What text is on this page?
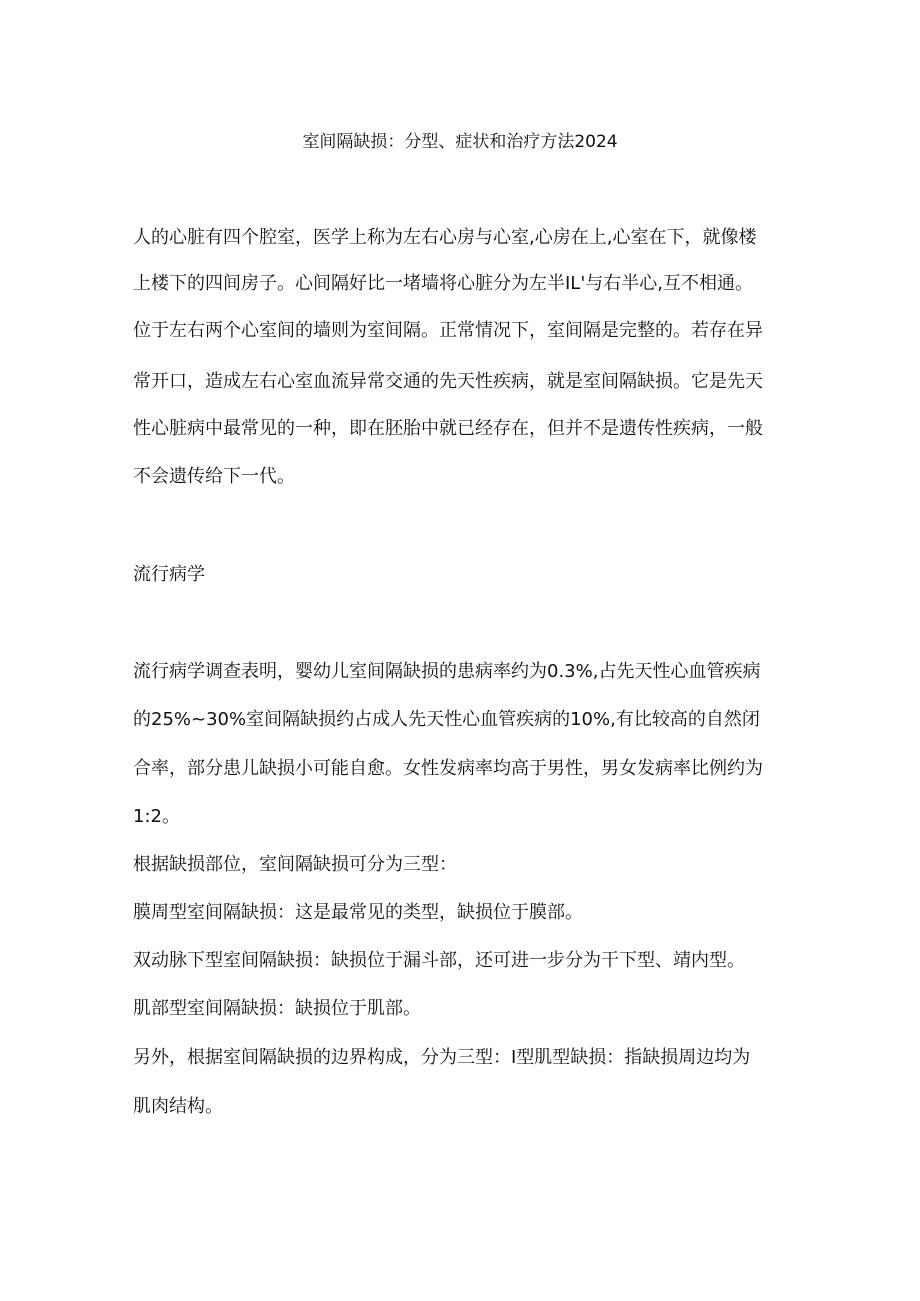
室间隔缺损：分型、症状和治疗方法2024
人的心脏有四个腔室，医学上称为左右心房与心室,心房在上,心室在下，就像楼
上楼下的四间房子。心间隔好比一堵墙将心脏分为左半IL'与右半心,互不相通。
位于左右两个心室间的墙则为室间隔。正常情况下，室间隔是完整的。若存在异
常开口，造成左右心室血流异常交通的先天性疾病，就是室间隔缺损。它是先天
性心脏病中最常见的一种，即在胚胎中就已经存在，但并不是遗传性疾病，一般
不会遗传给下一代。
流行病学
流行病学调查表明，婴幼儿室间隔缺损的患病率约为0.3%,占先天性心血管疾病
的25%~30%室间隔缺损约占成人先天性心血管疾病的10%,有比较高的自然闭
合率，部分患儿缺损小可能自愈。女性发病率均高于男性，男女发病率比例约为
1:2。
根据缺损部位，室间隔缺损可分为三型：
膜周型室间隔缺损：这是最常见的类型，缺损位于膜部。
双动脉下型室间隔缺损：缺损位于漏斗部，还可进一步分为干下型、靖内型。
肌部型室间隔缺损：缺损位于肌部。
另外，根据室间隔缺损的边界构成，分为三型：I型肌型缺损：指缺损周边均为
肌肉结构。
